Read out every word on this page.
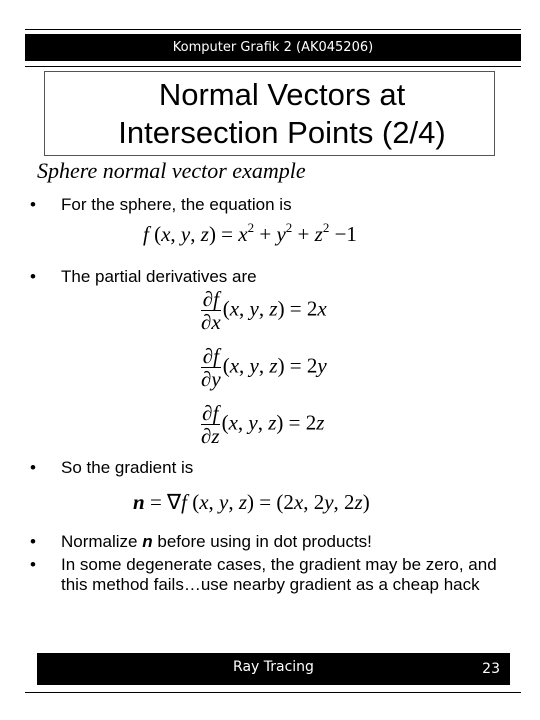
Komputer Grafik 2 (AK045206)
Normal Vectors at
Intersection Points (2/4)
Sphere normal vector example
•	For the sphere, the equation is
f (x, y, $z) = x^2 + y^2 + z^2 -1$
•	The partial derivatives are
$\frac{\partial f}{\partial x} (x$, y, z) = 2x
$\frac{\partial f}{\partial y} (x$, y, z) = 2y
$\frac{\partial f}{\partial z} (x$, y, z) = 2z
•	So the gradient is
n = ∇f (x, y, z) = (2x, 2y, 2z)
•	Normalize n before using in dot products!
•	In some degenerate cases, the gradient may be zero, and this method fails…use nearby gradient as a cheap hack
Ray Tracing	23
